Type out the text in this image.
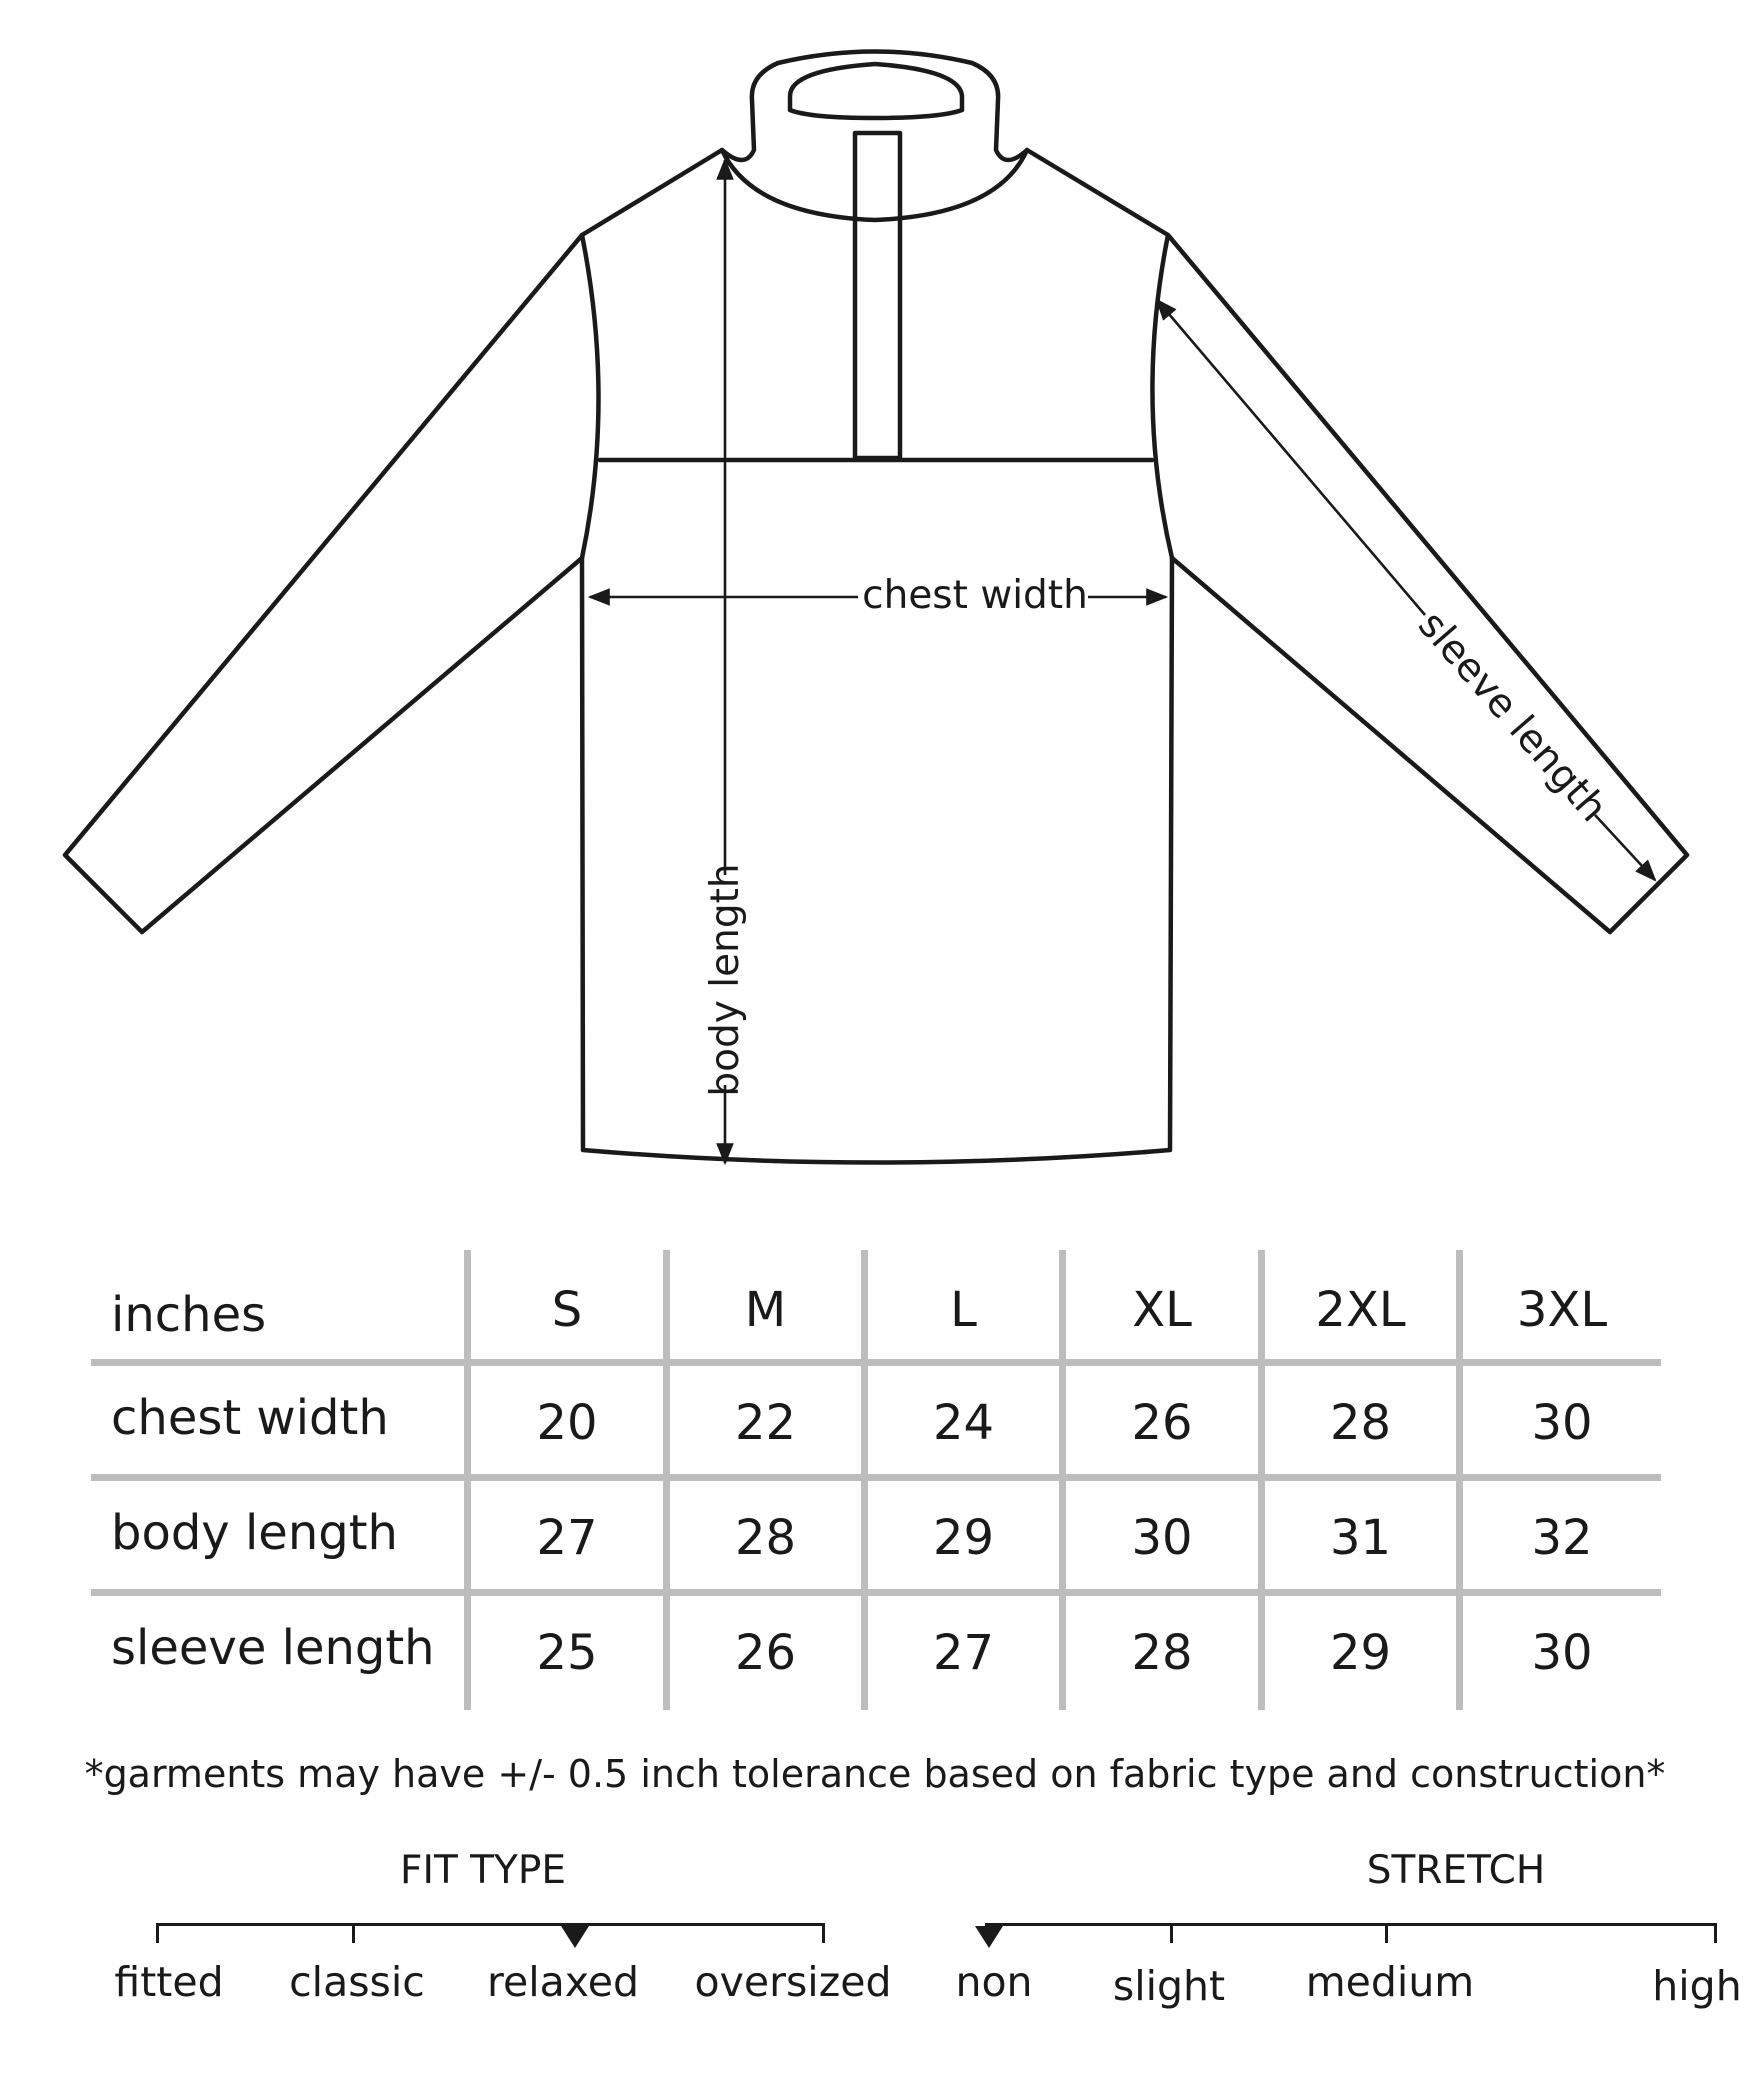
chest width
body length
sleeve length
inches	S	M	L	XL	2XL	3XL
chest width	20	22	24	26	28	30
body length	27	28	29	30	31	32
sleeve length	25	26	27	28	29	30
*garments may have +/- 0.5 inch tolerance based on fabric type and construction*
FIT TYPE
fitted	classic	relaxed	oversized
STRETCH
non	slight	medium	high
